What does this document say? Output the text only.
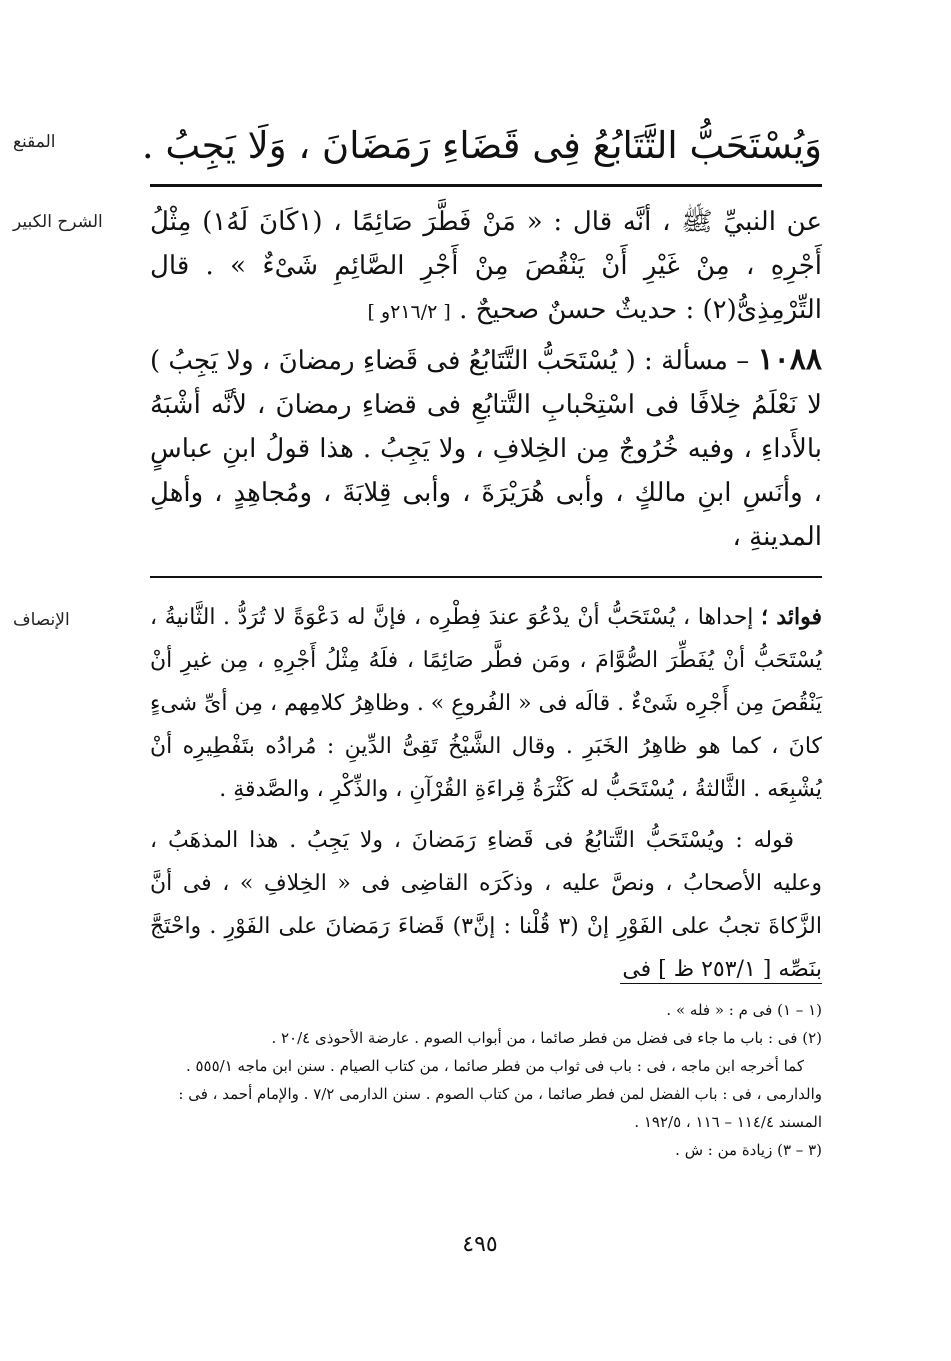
المقنع
الشرح الكبير
الإنصاف
وَيُسْتَحَبُّ التَّتَابُعُ فِى قَضَاءِ رَمَضَانَ ، وَلَا يَجِبُ .

عن النبيِّ ﷺ ، أنَّه قال : « مَنْ فَطَّرَ صَائِمًا ، (١كَانَ لَهُ١) مِثْلُ أَجْرِهِ ، مِنْ غَيْرِ أَنْ يَنْقُصَ مِنْ أَجْرِ الصَّائِمِ شَىْءٌ » . قال التِّرْمِذِىُّ(٢) : حديثٌ حسنٌ صحيحٌ . [ ٢١٦/٢و ]

١٠٨٨ – مسألة : ( يُسْتَحَبُّ التَّتَابُعُ فى قَضاءِ رمضانَ ، ولا يَجِبُ ) لا نَعْلَمُ خِلافًا فى اسْتِحْبابِ التَّتابُعِ فى قضاءِ رمضانَ ، لأنَّه أشْبَهُ بالأَداءِ ، وفيه خُرُوجٌ مِن الخِلافِ ، ولا يَجِبُ . هذا قولُ ابنِ عباسٍ ، وأنَسِ ابنِ مالكٍ ، وأبى هُرَيْرَةَ ، وأبى قِلابَةَ ، ومُجاهِدٍ ، وأهلِ المدينةِ ،

فوائد ؛ إحداها ، يُسْتَحَبُّ أنْ يدْعُوَ عندَ فِطْرِه ، فإنَّ له دَعْوَةً لا تُرَدُّ . الثَّانيةُ ، يُسْتَحَبُّ أنْ يُفَطِّرَ الصُّوَّامَ ، ومَن فطَّر صَائِمًا ، فلَهُ مِثْلُ أَجْرِهِ ، مِن غيرِ أنْ يَنْقُصَ مِن أَجْرِه شَىْءٌ . قالَه فى « الفُروعِ » . وظاهِرُ كلامِهم ، مِن أىِّ شىءٍ كانَ ، كما هو ظاهِرُ الخَبَرِ . وقال الشَّيْخُ تَقِىُّ الدِّينِ : مُرادُه بتَفْطِيرِه أنْ يُشْبِعَه . الثَّالثةُ ، يُسْتَحَبُّ له كَثْرَةُ قِراءَةِ القُرْآنِ ، والذِّكْرِ ، والصَّدقةِ .

قوله : ويُسْتَحَبُّ التَّتابُعُ فى قَضاءِ رَمَضانَ ، ولا يَجِبُ . هذا المذهَبُ ، وعليه الأصحابُ ، ونصَّ عليه ، وذكَرَه القاضِى فى « الخِلافِ » ، فى أنَّ الزَّكاةَ تجبُ على الفَوْرِ إنْ (٣ قُلْنا : إنَّ٣) قَضاءَ رَمَضانَ على الفَوْرِ . واحْتَجَّ بنَصِّه [ ٢٥٣/١ ظ ] فى

(١ – ١) فى م : « فله » .

(٢) فى : باب ما جاء فى فضل من فطر صائما ، من أبواب الصوم . عارضة الأحوذى ٢٠/٤ .

كما أخرجه ابن ماجه ، فى : باب فى ثواب من فطر صائما ، من كتاب الصيام . سنن ابن ماجه ٥٥٥/١ .

والدارمى ، فى : باب الفضل لمن فطر صائما ، من كتاب الصوم . سنن الدارمى ٧/٢ . والإمام أحمد ، فى :

المسند ١١٤/٤ – ١١٦ ، ١٩٢/٥ .

(٣ – ٣) زيادة من : ش .

٤٩٥
